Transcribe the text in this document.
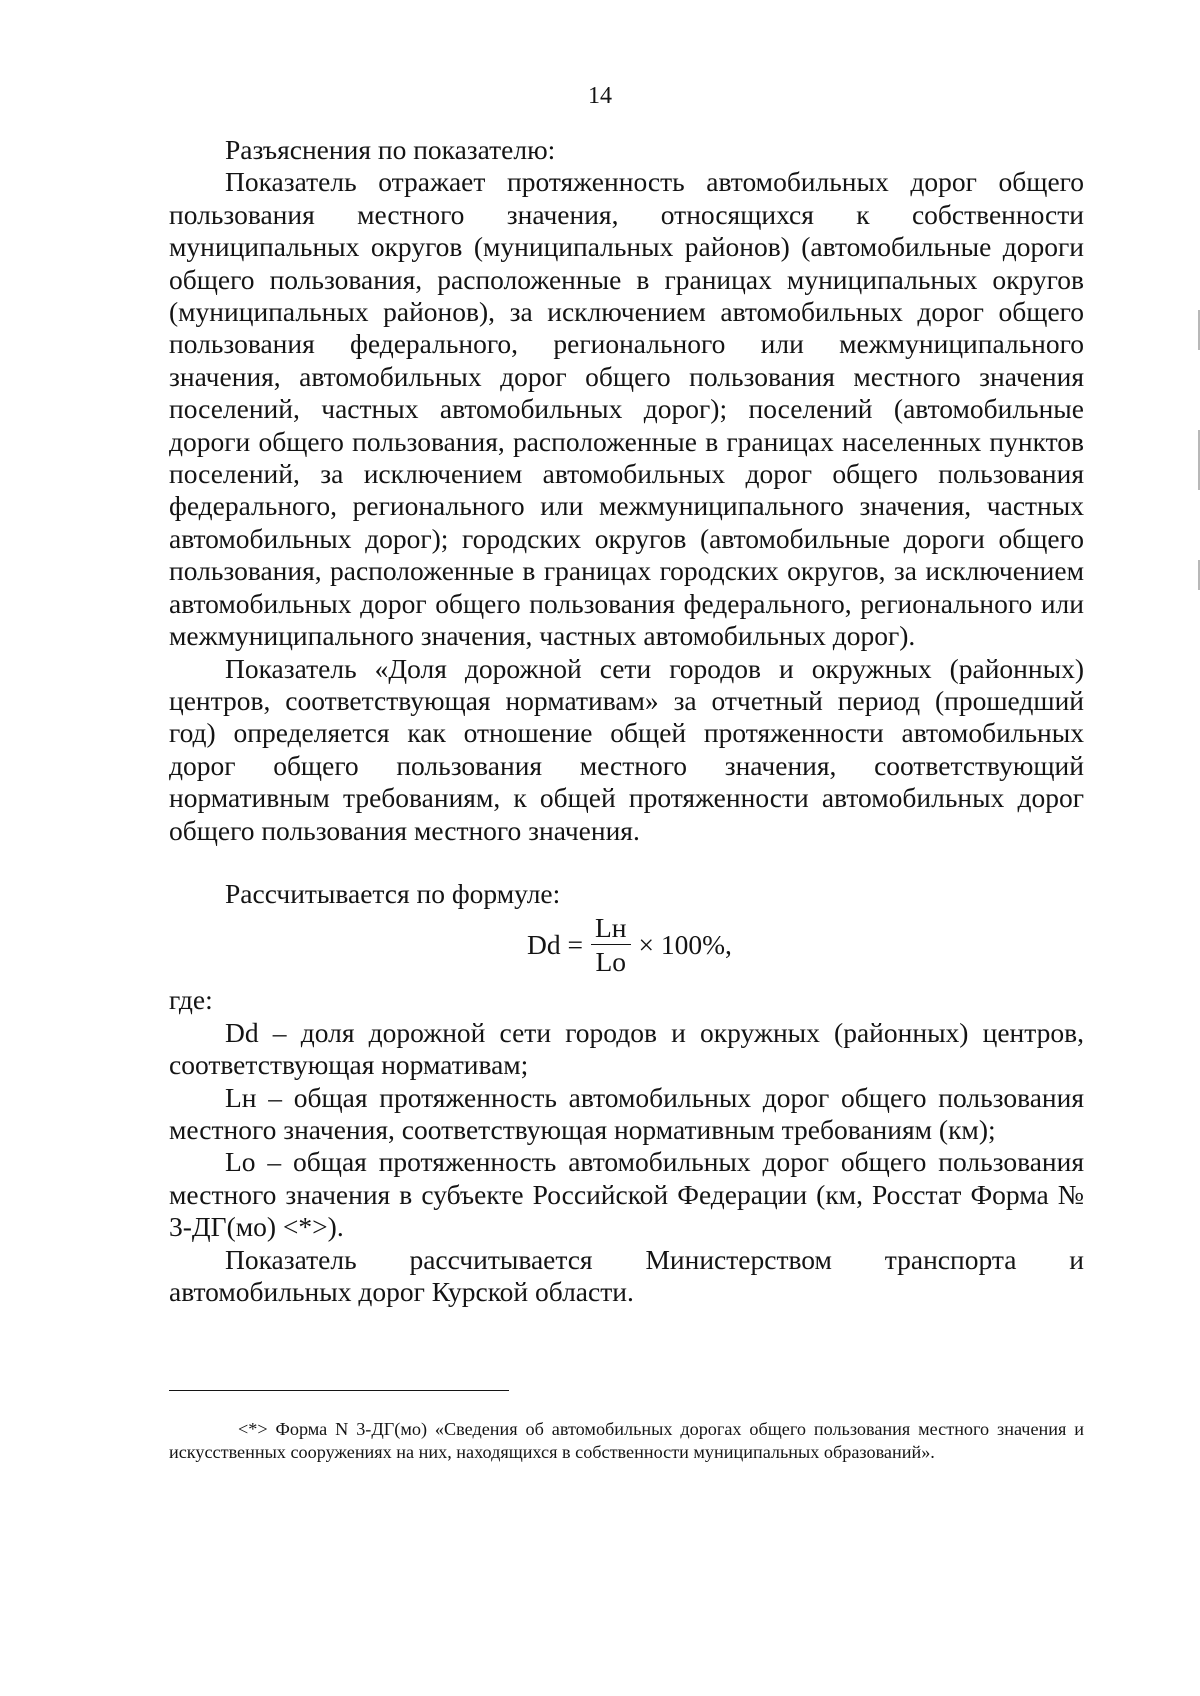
14

Разъяснения по показателю:

Показатель отражает протяженность автомобильных дорог общего пользования местного значения, относящихся к собственности муниципальных округов (муниципальных районов) (автомобильные дороги общего пользования, расположенные в границах муниципальных округов (муниципальных районов), за исключением автомобильных дорог общего пользования федерального, регионального или межмуниципального значения, автомобильных дорог общего пользования местного значения поселений, частных автомобильных дорог); поселений (автомобильные дороги общего пользования, расположенные в границах населенных пунктов поселений, за исключением автомобильных дорог общего пользования федерального, регионального или межмуниципального значения, частных автомобильных дорог); городских округов (автомобильные дороги общего пользования, расположенные в границах городских округов, за исключением автомобильных дорог общего пользования федерального, регионального или межмуниципального значения, частных автомобильных дорог).

Показатель «Доля дорожной сети городов и окружных (районных) центров, соответствующая нормативам» за отчетный период (прошедший год) определяется как отношение общей протяженности автомобильных дорог общего пользования местного значения, соответствующий нормативным требованиям, к общей протяженности автомобильных дорог общего пользования местного значения.

Рассчитывается по формуле:

$Dd = \frac{Lн}{Lo} \times 100\%$,

где:

Dd – доля дорожной сети городов и окружных (районных) центров, соответствующая нормативам;

Lн – общая протяженность автомобильных дорог общего пользования местного значения, соответствующая нормативным требованиям (км);

Lo – общая протяженность автомобильных дорог общего пользования местного значения в субъекте Российской Федерации (км, Росстат Форма № 3-ДГ(мо) <*>).

Показатель рассчитывается Министерством транспорта и

автомобильных дорог Курской области.

<*> Форма N 3-ДГ(мо) «Сведения об автомобильных дорогах общего пользования местного значения и искусственных сооружениях на них, находящихся в собственности муниципальных образований».
